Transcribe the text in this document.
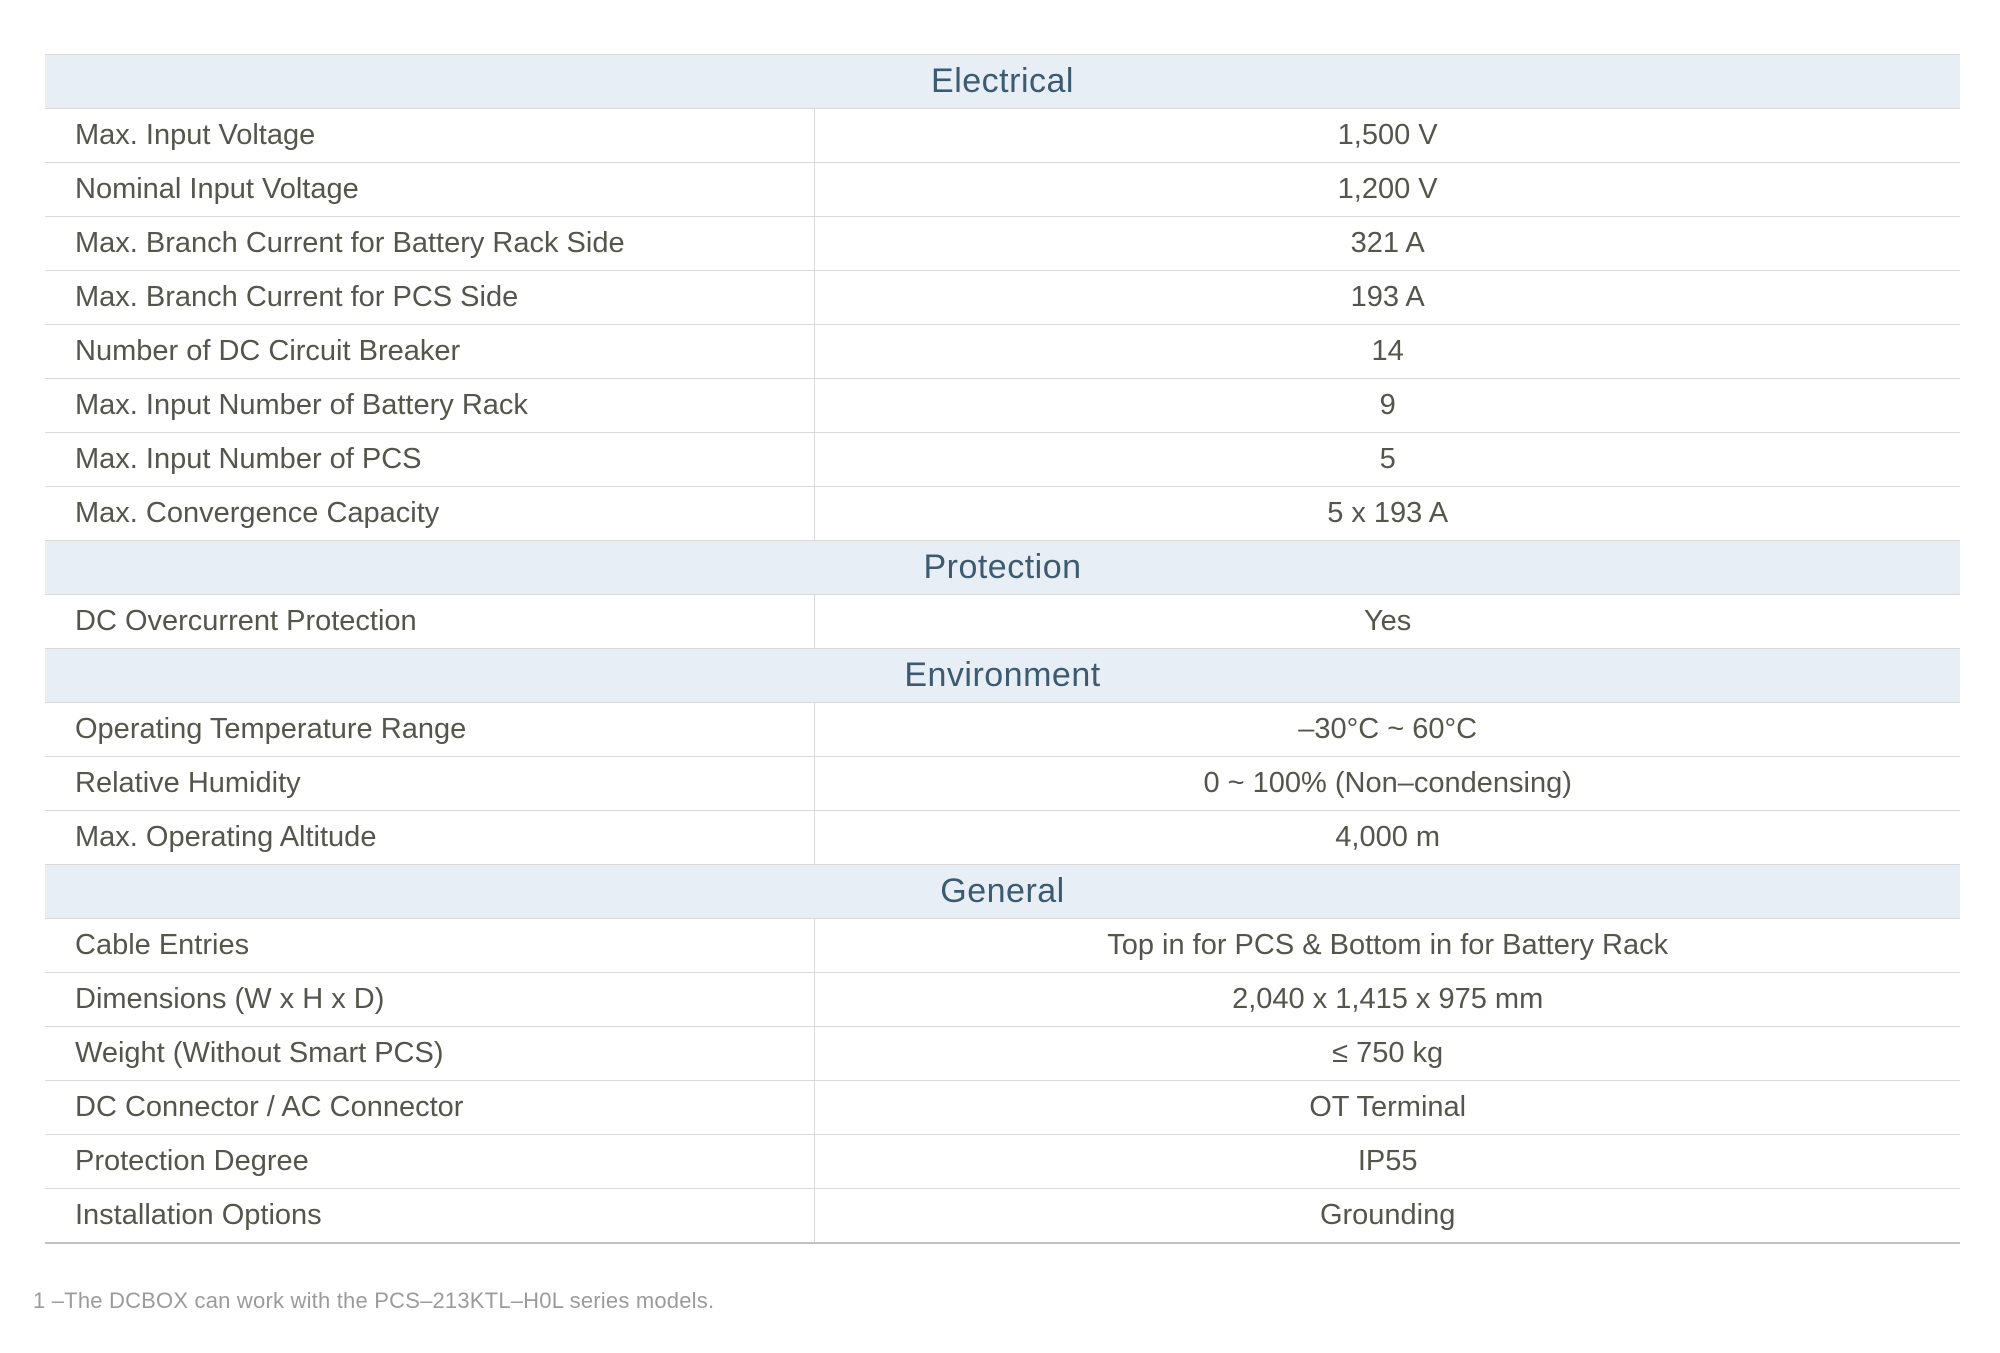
Electrical	
Max. Input Voltage	1,500 V
Nominal Input Voltage	1,200 V
Max. Branch Current for Battery Rack Side	321 A
Max. Branch Current for PCS Side	193 A
Number of DC Circuit Breaker	14
Max. Input Number of Battery Rack	9
Max. Input Number of PCS	5
Max. Convergence Capacity	5 x 193 A
Protection	
DC Overcurrent Protection	Yes
Environment	
Operating Temperature Range	–30°C ~ 60°C
Relative Humidity	0 ~ 100% (Non–condensing)
Max. Operating Altitude	4,000 m
General	
Cable Entries	Top in for PCS & Bottom in for Battery Rack
Dimensions (W x H x D)	2,040 x 1,415 x 975 mm
Weight (Without Smart PCS)	≤ 750 kg
DC Connector / AC Connector	OT Terminal
Protection Degree	IP55
Installation Options	Grounding
1 –The DCBOX can work with the PCS–213KTL–H0L series models.
